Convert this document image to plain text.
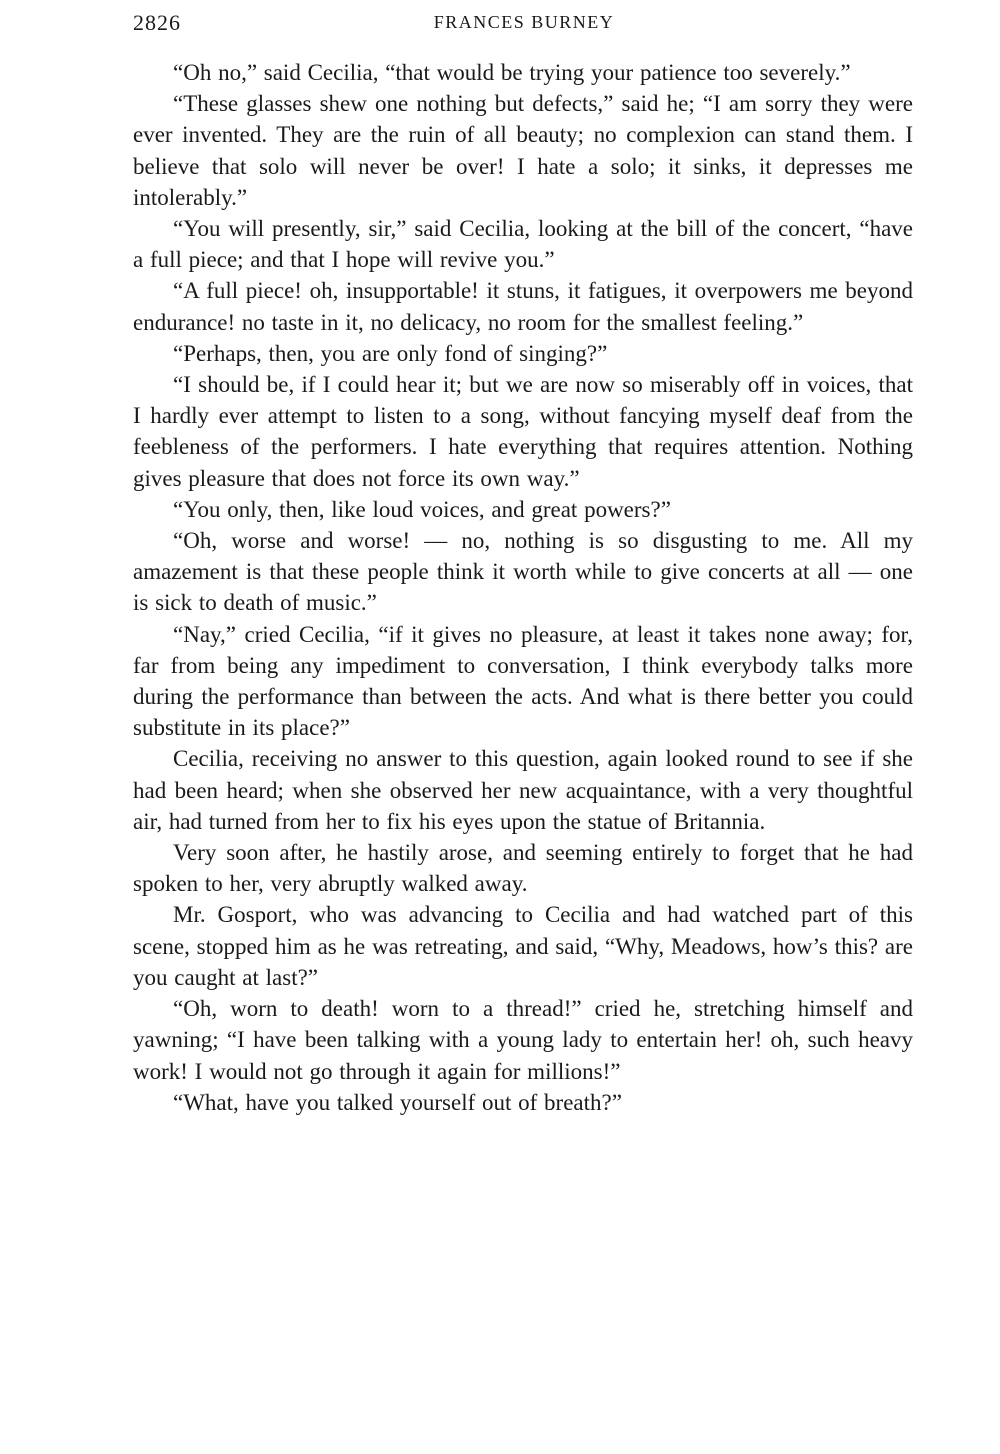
2826	FRANCES BURNEY

“Oh no,” said Cecilia, “that would be trying your patience too severely.”

“These glasses shew one nothing but defects,” said he; “I am sorry they were ever invented. They are the ruin of all beauty; no complexion can stand them. I believe that solo will never be over! I hate a solo; it sinks, it depresses me intolerably.”

“You will presently, sir,” said Cecilia, looking at the bill of the concert, “have a full piece; and that I hope will revive you.”

“A full piece! oh, insupportable! it stuns, it fatigues, it overpowers me beyond endurance! no taste in it, no delicacy, no room for the smallest feeling.”

“Perhaps, then, you are only fond of singing?”

“I should be, if I could hear it; but we are now so miserably off in voices, that I hardly ever attempt to listen to a song, without fancying myself deaf from the feebleness of the performers. I hate everything that requires attention. Nothing gives pleasure that does not force its own way.”

“You only, then, like loud voices, and great powers?”

“Oh, worse and worse! — no, nothing is so disgusting to me. All my amazement is that these people think it worth while to give concerts at all — one is sick to death of music.”

“Nay,” cried Cecilia, “if it gives no pleasure, at least it takes none away; for, far from being any impediment to conversation, I think everybody talks more during the performance than between the acts. And what is there better you could substitute in its place?”

Cecilia, receiving no answer to this question, again looked round to see if she had been heard; when she observed her new acquaintance, with a very thoughtful air, had turned from her to fix his eyes upon the statue of Britannia.

Very soon after, he hastily arose, and seeming entirely to forget that he had spoken to her, very abruptly walked away.

Mr. Gosport, who was advancing to Cecilia and had watched part of this scene, stopped him as he was retreating, and said, “Why, Meadows, how’s this? are you caught at last?”

“Oh, worn to death! worn to a thread!” cried he, stretching himself and yawning; “I have been talking with a young lady to entertain her! oh, such heavy work! I would not go through it again for millions!”

“What, have you talked yourself out of breath?”
